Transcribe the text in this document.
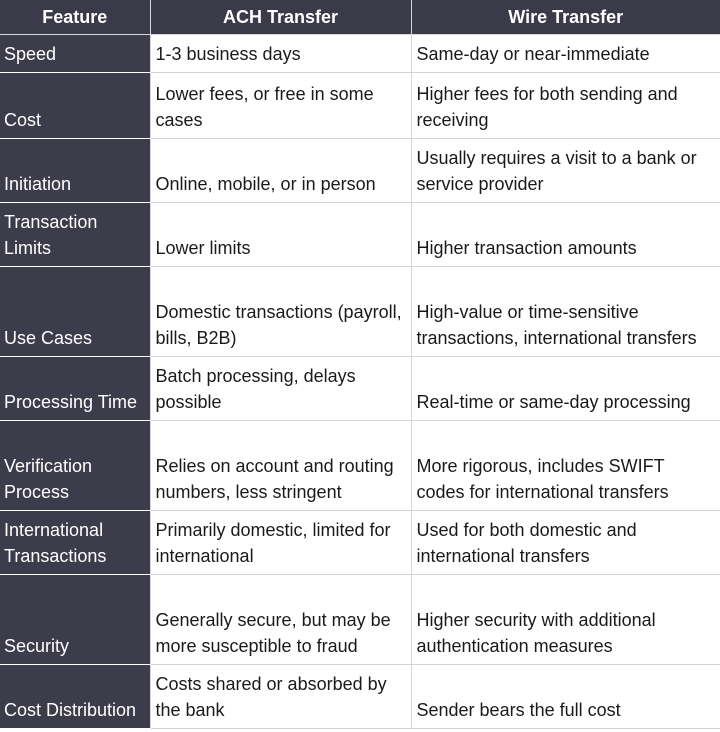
Feature	ACH Transfer	Wire Transfer
Speed	1-3 business days	Same-day or near-immediate
Cost	Lower fees, or free in some cases	Higher fees for both sending and receiving
Initiation	Online, mobile, or in person	Usually requires a visit to a bank or service provider
Transaction Limits	Lower limits	Higher transaction amounts
Use Cases	Domestic transactions (payroll, bills, B2B)	High-value or time-sensitive transactions, international transfers
Processing Time	Batch processing, delays possible	Real-time or same-day processing
Verification Process	Relies on account and routing numbers, less stringent	More rigorous, includes SWIFT codes for international transfers
International Transactions	Primarily domestic, limited for international	Used for both domestic and international transfers
Security	Generally secure, but may be more susceptible to fraud	Higher security with additional authentication measures
Cost Distribution	Costs shared or absorbed by the bank	Sender bears the full cost
